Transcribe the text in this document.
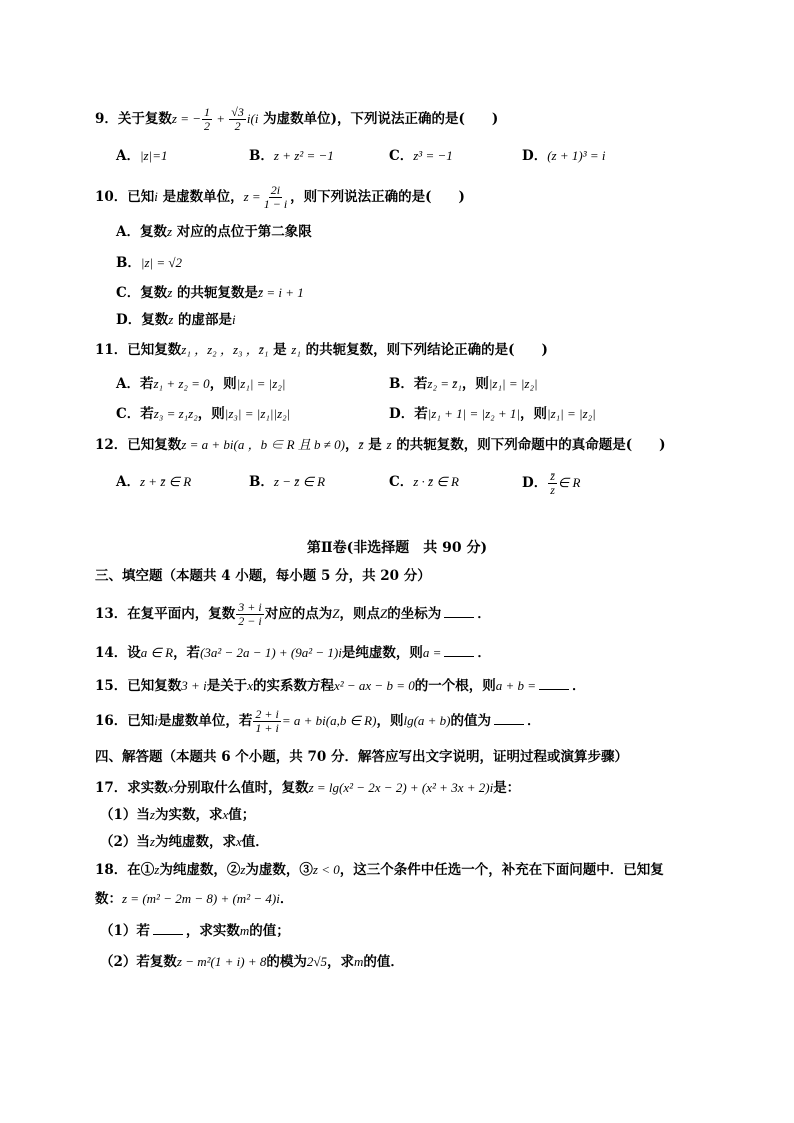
9．关于复数z = − $\frac{1}{2} + \frac{√3}{2} i(i$ 为虚数单位)，下列说法正确的是(　　)
A．|z|=1	B．z + z² = −1	C．z³ = −1	D．(z + 1)³ = i
10．已知i 是虚数单位，$z = \frac{2i}{1 - i}$ ，则下列说法正确的是(　　)
A．复数z 对应的点位于第二象限
B．|z| = √2
C．复数z 的共轭复数是z̄ = i + 1
D．复数z 的虚部是i
11．已知复数z₁ ，z₂ ，z₃ ，z̄₁ 是 z₁ 的共轭复数，则下列结论正确的是(　　)
A．若z₁ + z₂ = 0，则|z₁| = |z₂|	B．若z₂ = z̄₁，则|z₁| = |z₂|
C．若z₃ = z₁z₂，则|z₃| = |z₁||z₂|	D．若|z₁ + 1| = |z₂ + 1|，则|z₁| = |z₂|
12．已知复数z = a + bi(a ，b ∈ R 且 b ≠ 0)，z̄ 是 z 的共轭复数，则下列命题中的真命题是(　　)
A．z + z̄ ∈ R	B．z − z̄ ∈ R	C．z · z̄ ∈ R	D． $\frac{z̄}{z}$ ∈ R
第Ⅱ卷(非选择题　共 90 分)
三、填空题（本题共 4 小题，每小题 5 分，共 20 分）
13．在复平面内，复数 $\frac{3 + i}{2 - i}$ 对应的点为Z，则点Z的坐标为	．
14．设a ∈ R，若(3a² − 2a − 1) + (9a² − 1)i是纯虚数，则a =	．
15．已知复数3 + i是关于x的实系数方程x² − ax − b = 0的一个根，则a + b =	．
16．已知i是虚数单位，若 $\frac{2 + i}{1 + i} = a + bi(a,b$ ∈ R)，则lg(a + b)的值为	．
四、解答题（本题共 6 个小题，共 70 分．解答应写出文字说明，证明过程或演算步骤）
17．求实数x分别取什么值时，复数z = lg(x² − 2x − 2) + (x² + 3x + 2)i是：
（1）当z为实数，求x值；
（2）当z为纯虚数，求x值．
18．在①z为纯虚数，②z为虚数，③z < 0，这三个条件中任选一个，补充在下面问题中．已知复
数：z = (m² − 2m − 8) + (m² − 4)i．
（1）若	，求实数m的值；
（2）若复数z − m²(1 + i) + 8的模为2√5，求m的值．
